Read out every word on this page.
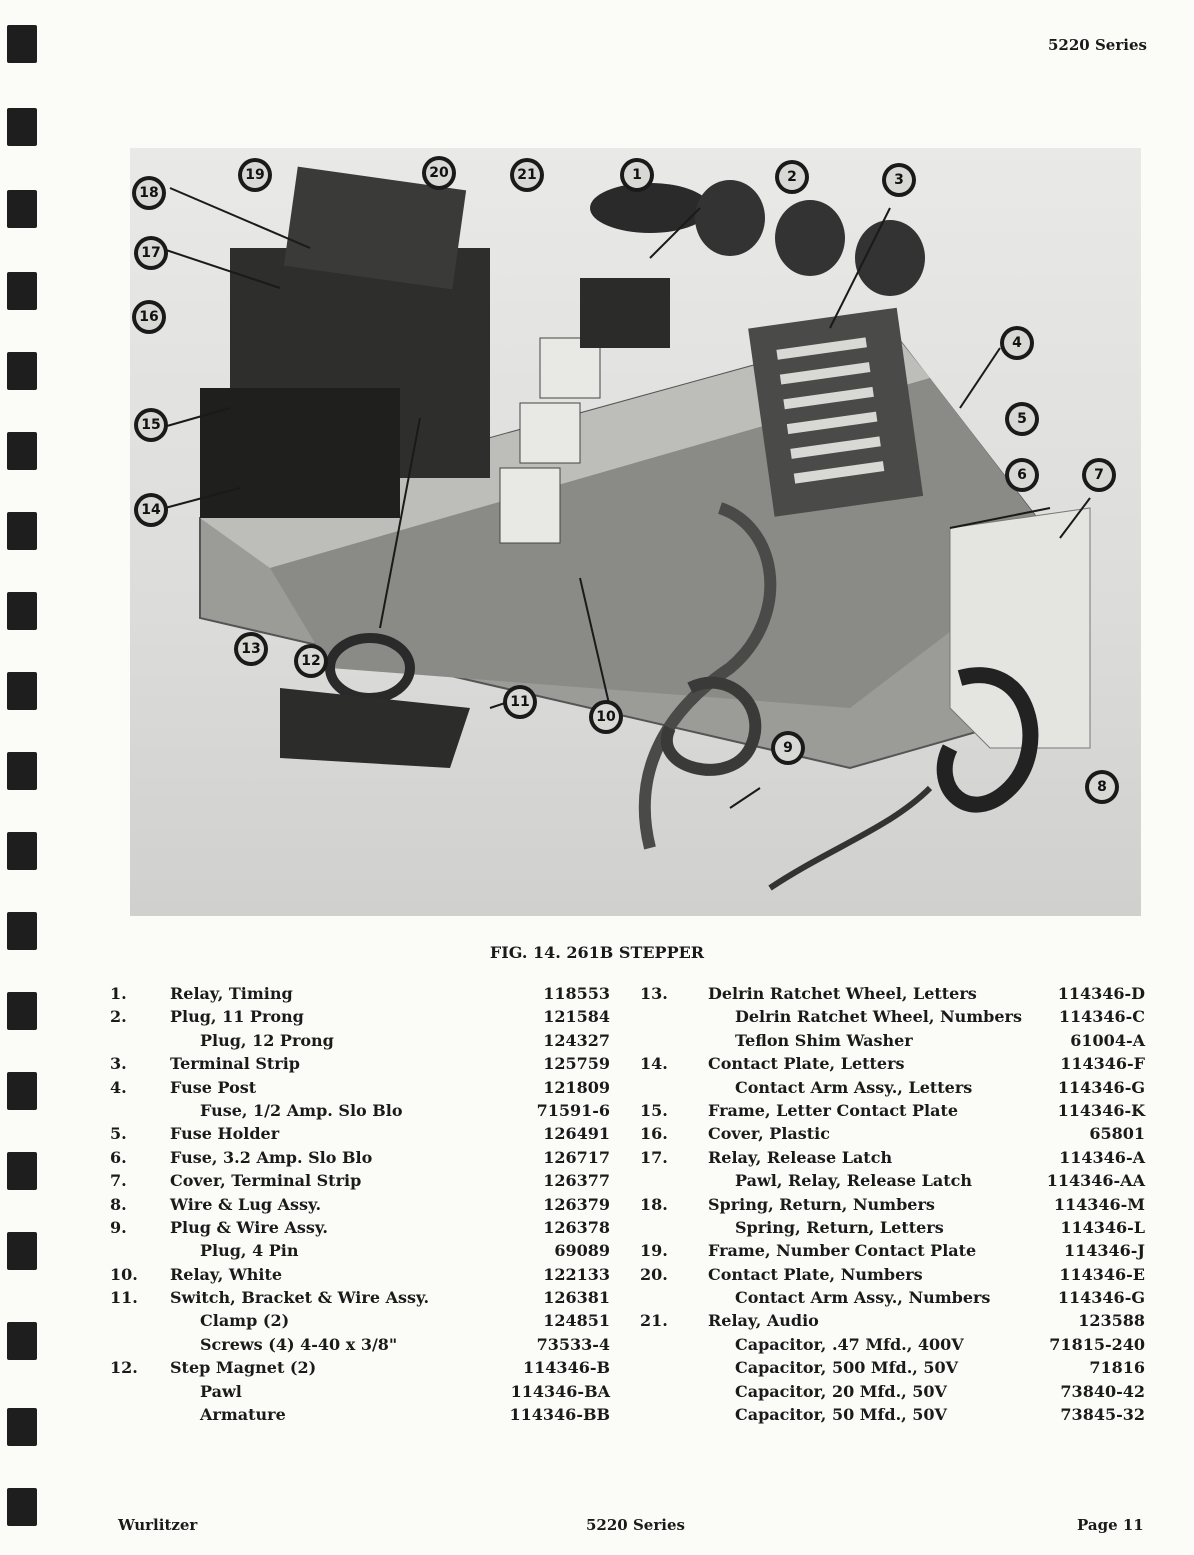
5220 Series
1	2	3
4
5
6	7
8
9
10
11
12
13
14
15
16
17
18
19	20	21
FIG. 14. 261B STEPPER
1.	Relay, Timing	118553
2.	Plug, 11 Prong	121584
Plug, 12 Prong	124327
3.	Terminal Strip	125759
4.	Fuse Post	121809
Fuse, 1/2 Amp. Slo Blo	71591-6
5.	Fuse Holder	126491
6.	Fuse, 3.2 Amp. Slo Blo	126717
7.	Cover, Terminal Strip	126377
8.	Wire & Lug Assy.	126379
9.	Plug & Wire Assy.	126378
Plug, 4 Pin	69089
10. Relay, White	122133
11. Switch, Bracket & Wire Assy.	126381
Clamp (2)	124851
Screws (4) 4-40 x 3/8"	73533-4
12. Step Magnet (2)	114346-B
Pawl	114346-BA
Armature	114346-BB
13.	Delrin Ratchet Wheel, Letters	114346-D
Delrin Ratchet Wheel, Numbers 114346-C
Teflon Shim Washer	61004-A
14.	Contact Plate, Letters	114346-F
Contact Arm Assy., Letters	114346-G
15.	Frame, Letter Contact Plate	114346-K
16.	Cover, Plastic	65801
17.	Relay, Release Latch	114346-A
Pawl, Relay, Release Latch	114346-AA
18.	Spring, Return, Numbers	114346-M
Spring, Return, Letters	114346-L
19.	Frame, Number Contact Plate	114346-J
20.	Contact Plate, Numbers	114346-E
Contact Arm Assy., Numbers	114346-G
21.	Relay, Audio	123588
Capacitor, .47 Mfd., 400V	71815-240
Capacitor, 500 Mfd., 50V	71816
Capacitor, 20 Mfd., 50V	73840-42
Capacitor, 50 Mfd., 50V	73845-32
Wurlitzer	5220 Series	Page 11
